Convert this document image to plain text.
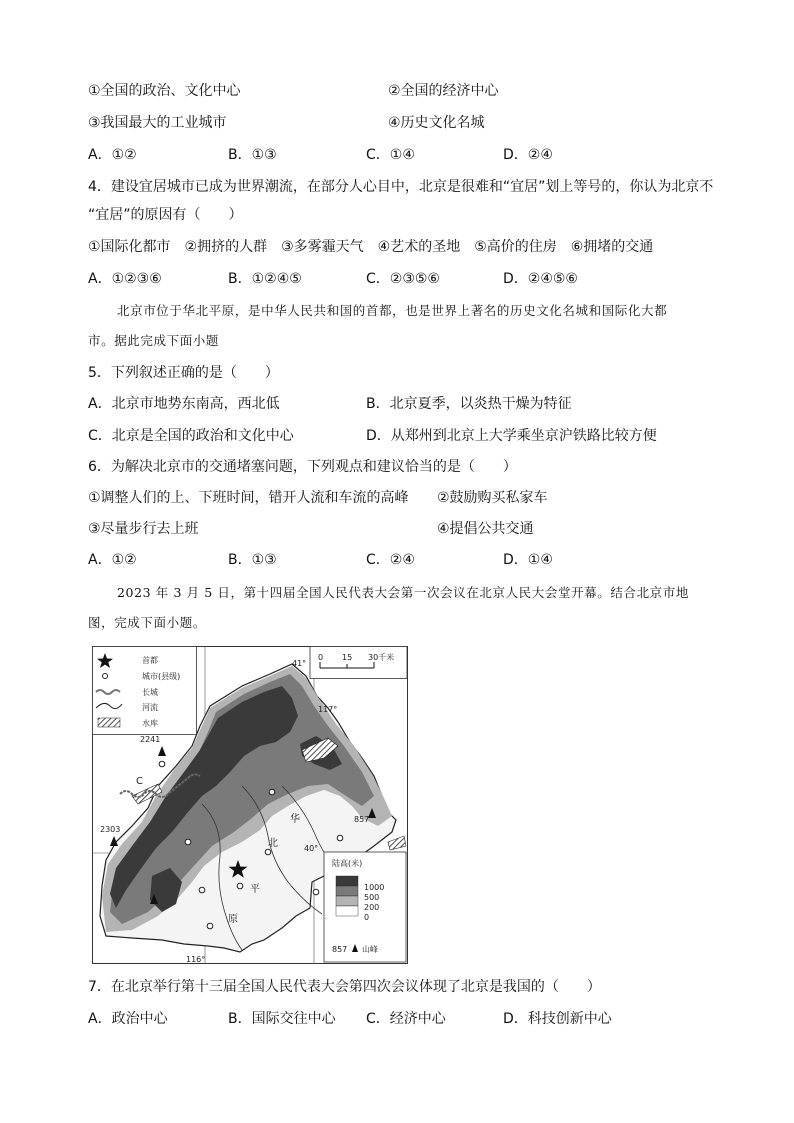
①全国的政治、文化中心	②全国的经济中心
③我国最大的工业城市	④历史文化名城
A．①②	B．①③	C．①④	D．②④
4．建设宜居城市已成为世界潮流，在部分人心目中，北京是很难和“宜居”划上等号的，你认为北京不
“宜居”的原因有（　　）
①国际化都市　②拥挤的人群　③多雾霾天气　④艺术的圣地　⑤高价的住房　⑥拥堵的交通
A．①②③⑥	B．①②④⑤	C．②③⑤⑥	D．②④⑤⑥
北京市位于华北平原，是中华人民共和国的首都，也是世界上著名的历史文化名城和国际化大都
市。据此完成下面小题
5．下列叙述正确的是（　　）
A．北京市地势东南高，西北低	B．北京夏季，以炎热干燥为特征
C．北京是全国的政治和文化中心	D．从郑州到北京上大学乘坐京沪铁路比较方便
6．为解决北京市的交通堵塞问题，下列观点和建议恰当的是（　　）
①调整人们的上、下班时间，错开人流和车流的高峰 ②鼓励购买私家车
③尽量步行去上班	④提倡公共交通
A．①②	B．①③	C．②④	D．①④
2023 年 3 月 5 日，第十四届全国人民代表大会第一次会议在北京人民大会堂开幕。结合北京市地
图，完成下面小题。
首都
城市(县级)
长城
河流
水库
0 15 30千米
陆高(米)
1000
500
200
0
857 山峰
41°
40°
117°
116°
2241
2303
857
C
华
北
平
原
7．在北京举行第十三届全国人民代表大会第四次会议体现了北京是我国的（　　）
A．政治中心	B．国际交往中心 C．经济中心	D．科技创新中心
